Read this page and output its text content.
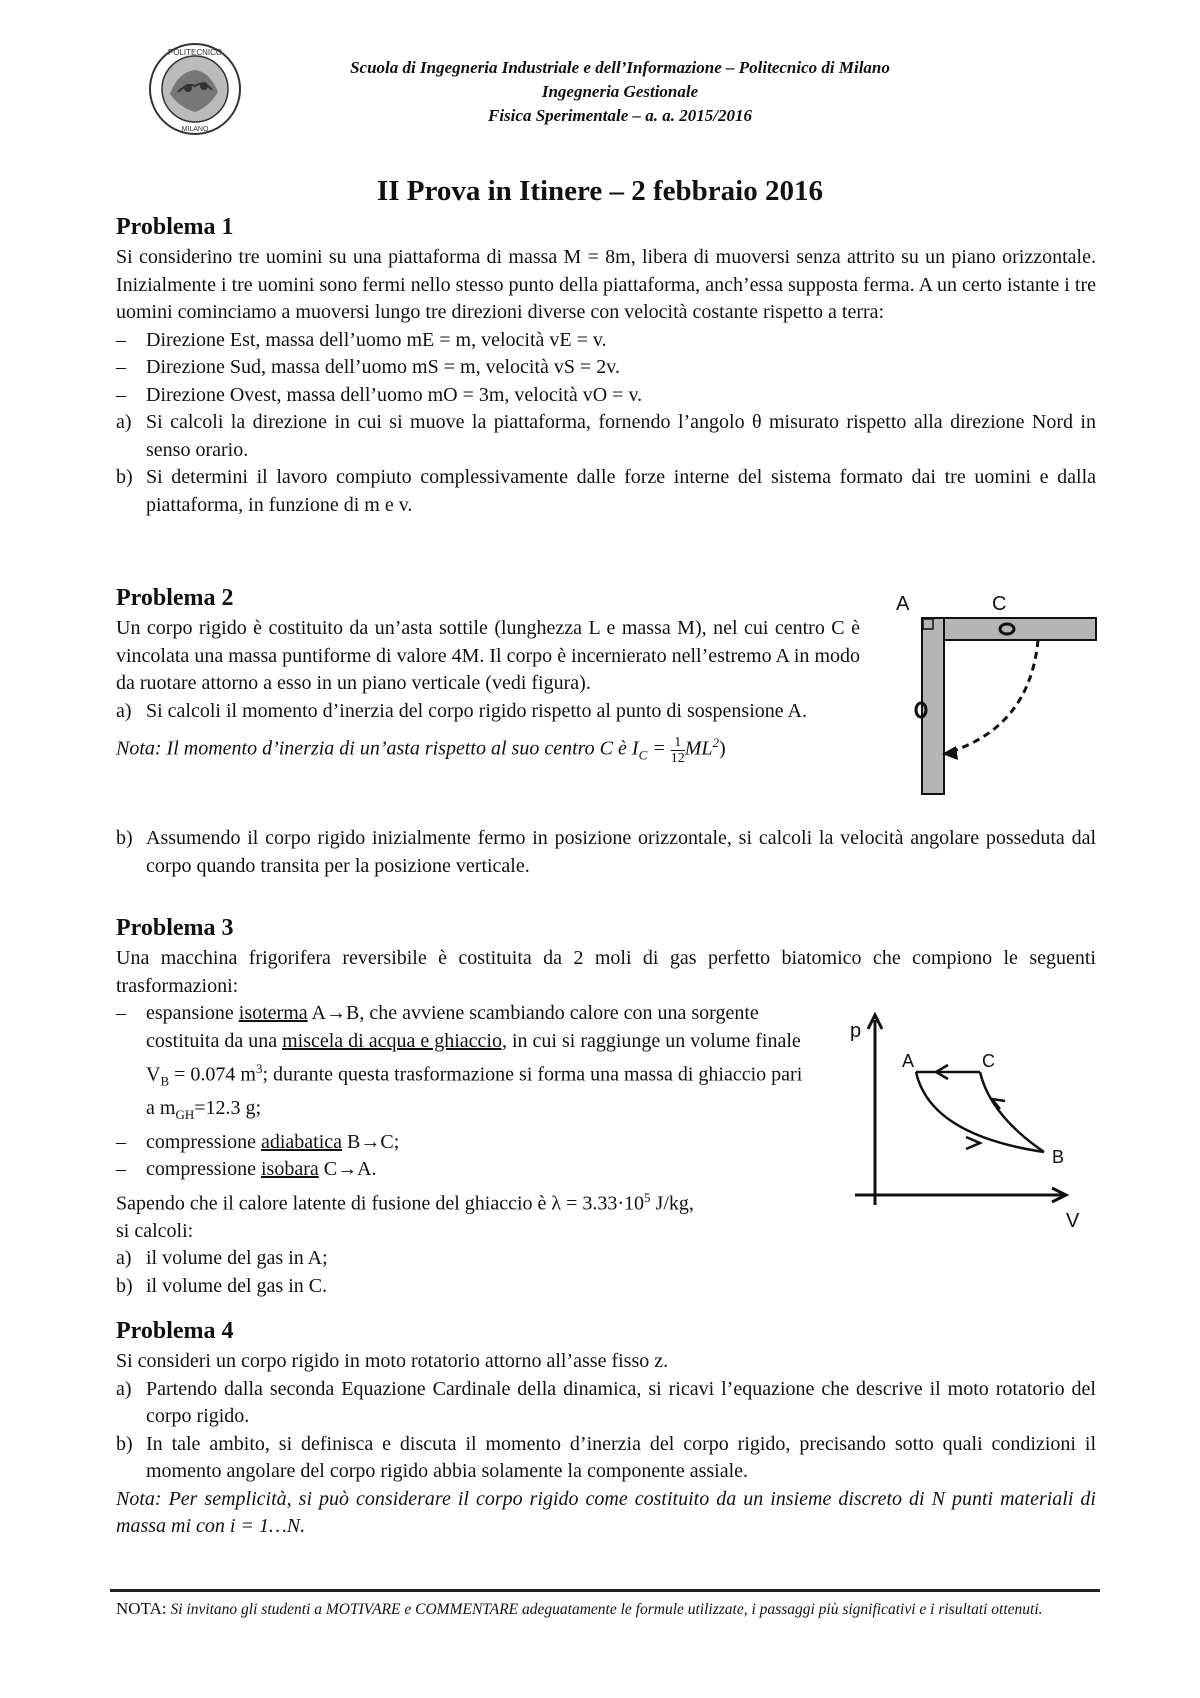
POLITECNICO
MILANO
Scuola di Ingegneria Industriale e dell’Informazione – Politecnico di Milano
Ingegneria Gestionale
Fisica Sperimentale – a. a. 2015/2016
II Prova in Itinere – 2 febbraio 2016
Problema 1
Si considerino tre uomini su una piattaforma di massa M = 8m, libera di muoversi senza attrito su un piano orizzontale. Inizialmente i tre uomini sono fermi nello stesso punto della piattaforma, anch’essa supposta ferma. A un certo istante i tre uomini cominciamo a muoversi lungo tre direzioni diverse con velocità costante rispetto a terra:
– Direzione Est, massa dell’uomo mE = m, velocità vE = v.
– Direzione Sud, massa dell’uomo mS = m, velocità vS = 2v.
– Direzione Ovest, massa dell’uomo mO = 3m, velocità vO = v.
a) Si calcoli la direzione in cui si muove la piattaforma, fornendo l’angolo θ misurato rispetto alla direzione Nord in senso orario.
b) Si determini il lavoro compiuto complessivamente dalle forze interne del sistema formato dai tre uomini e dalla piattaforma, in funzione di m e v.
Problema 2
Un corpo rigido è costituito da un’asta sottile (lunghezza L e massa M), nel cui centro C è vincolata una massa puntiforme di valore 4M. Il corpo è incernierato nell’estremo A in modo da ruotare attorno a esso in un piano verticale (vedi figura).
a) Si calcoli il momento d’inerzia del corpo rigido rispetto al punto di sospensione A.
Nota: Il momento d’inerzia di un’asta rispetto al suo centro C è $I_C = \frac{1}{12} ML^2$)
b) Assumendo il corpo rigido inizialmente fermo in posizione orizzontale, si calcoli la velocità angolare posseduta dal corpo quando transita per la posizione verticale.
A	C
Problema 3
Una macchina frigorifera reversibile è costituita da 2 moli di gas perfetto biatomico che compiono le seguenti trasformazioni:
– espansione isoterma A→B, che avviene scambiando calore con una sorgente costituita da una miscela di acqua e ghiaccio, in cui si raggiunge un volume finale $V_B = 0.074$ $m^3$; durante questa trasformazione si forma una massa di ghiaccio pari a $m_{GH}=12.3$ g;
– compressione adiabatica B→C;
– compressione isobara C→A.
Sapendo che il calore latente di fusione del ghiaccio è $\lambda = 3.33\cdot 10^5$ J/kg,
si calcoli:
a) il volume del gas in A;
b) il volume del gas in C.
p
V
A	C
B
Problema 4
Si consideri un corpo rigido in moto rotatorio attorno all’asse fisso z.
a) Partendo dalla seconda Equazione Cardinale della dinamica, si ricavi l’equazione che descrive il moto rotatorio del corpo rigido.
b) In tale ambito, si definisca e discuta il momento d’inerzia del corpo rigido, precisando sotto quali condizioni il momento angolare del corpo rigido abbia solamente la componente assiale.
Nota: Per semplicità, si può considerare il corpo rigido come costituito da un insieme discreto di N punti materiali di massa mi con i = 1…N.
NOTA: Si invitano gli studenti a MOTIVARE e COMMENTARE adeguatamente le formule utilizzate, i passaggi più significativi e i risultati ottenuti.
